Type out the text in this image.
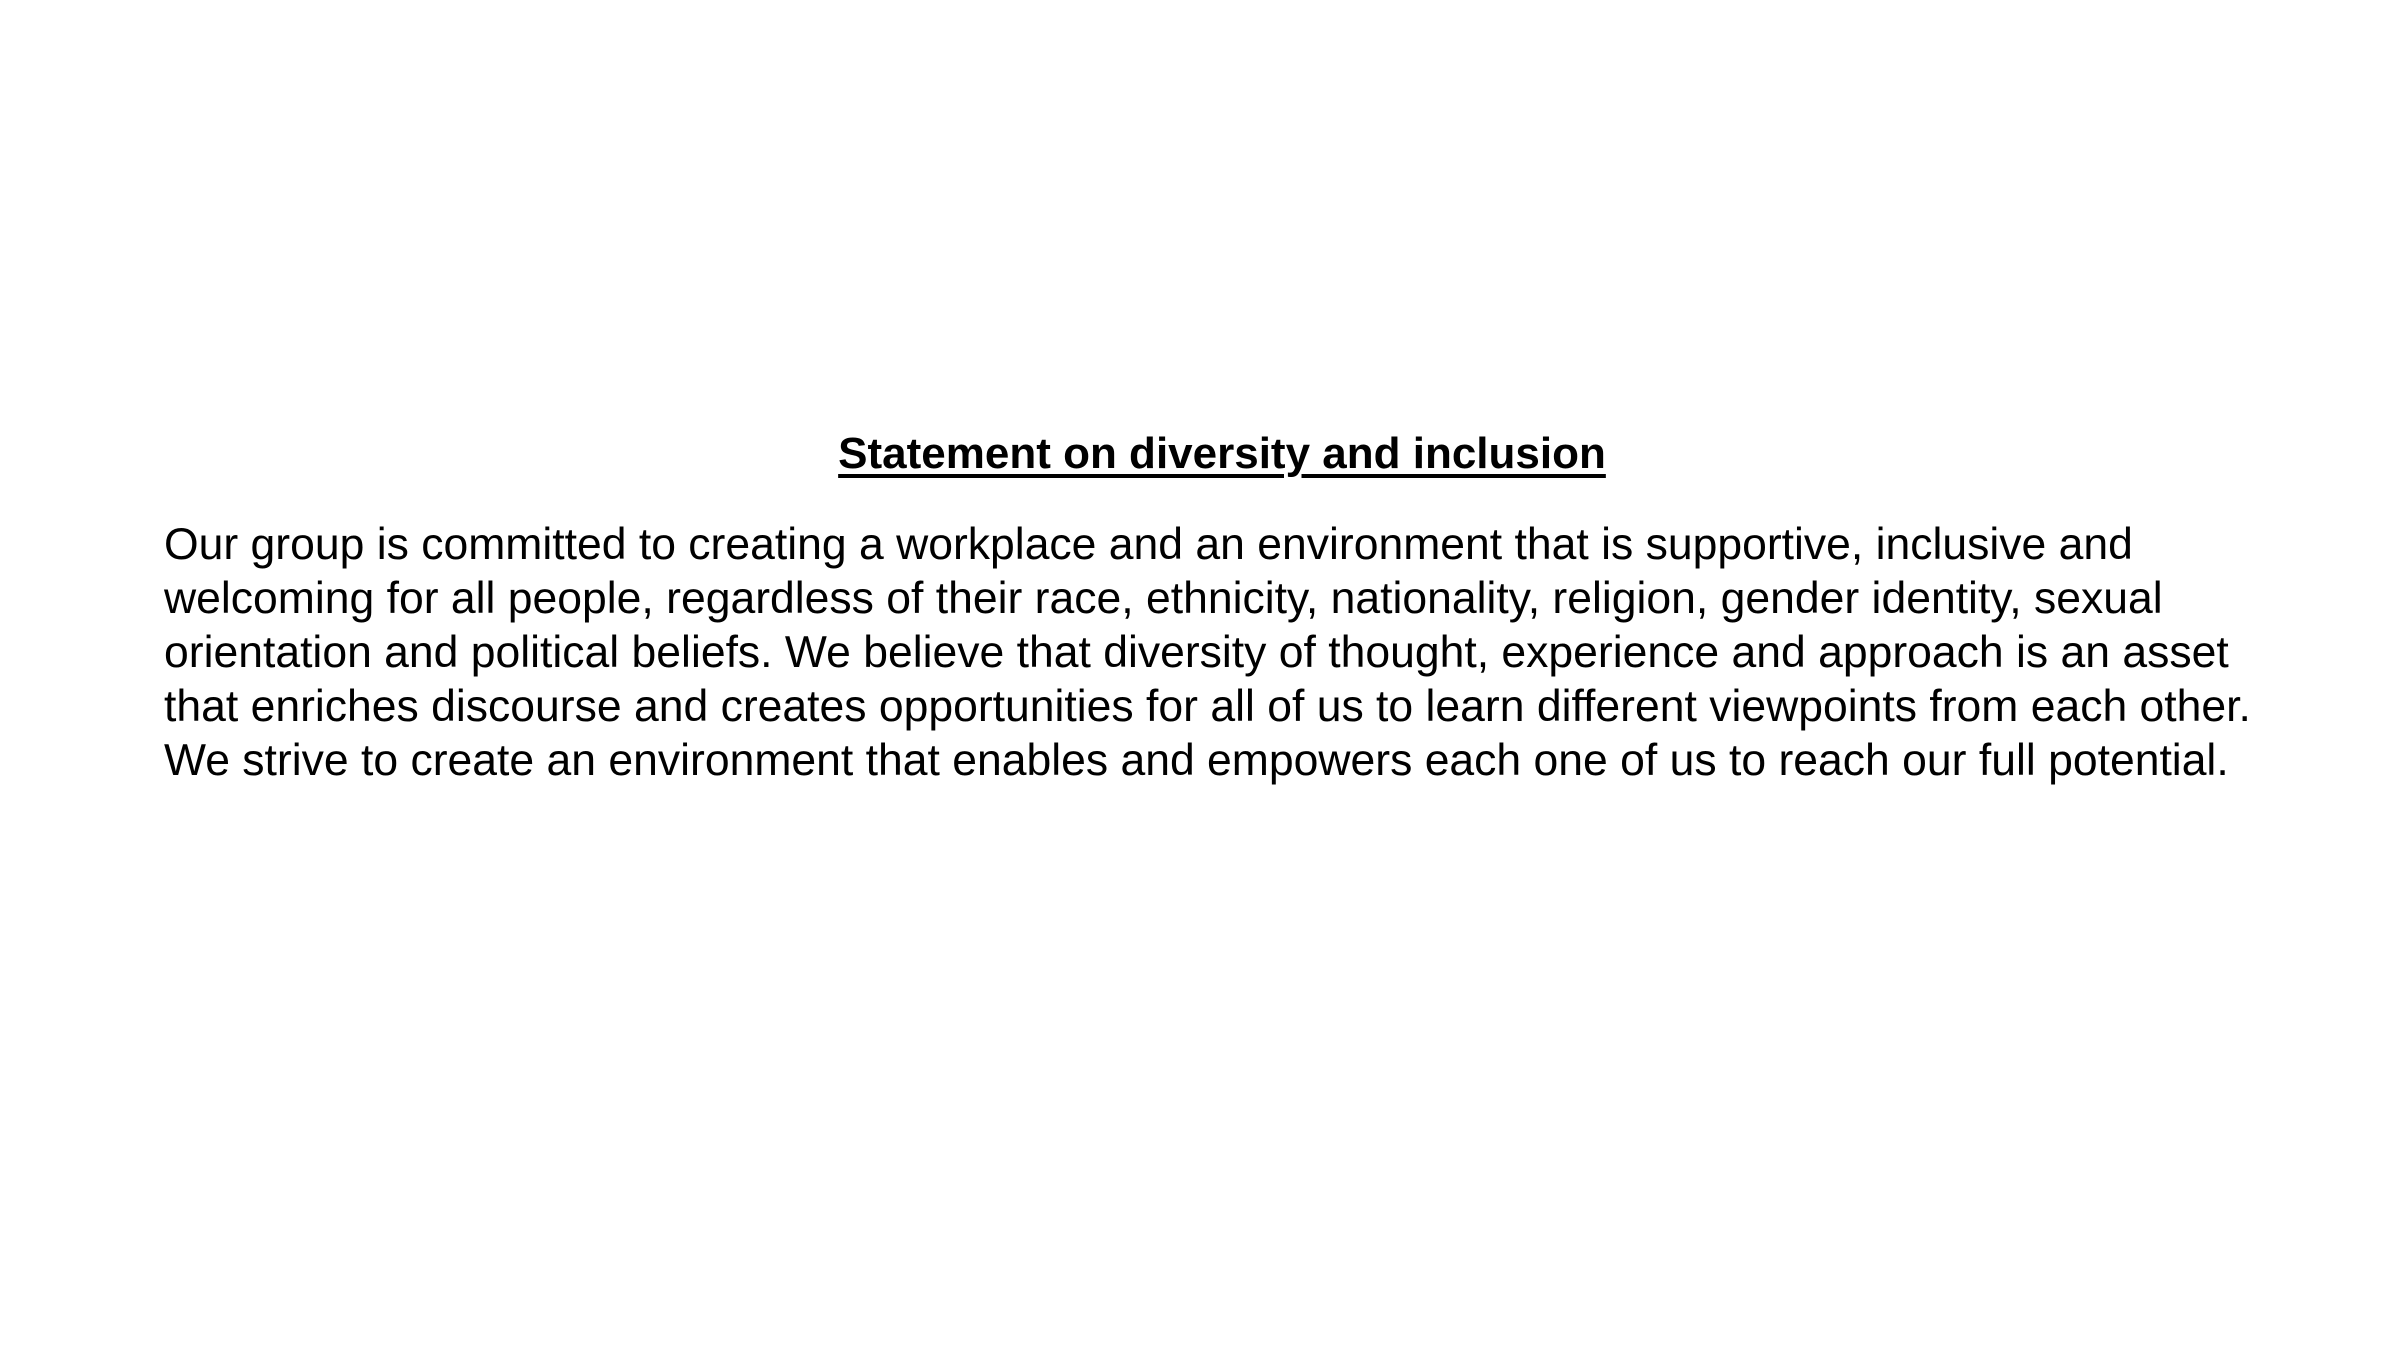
Statement on diversity and inclusion

Our group is committed to creating a workplace and an environment that is supportive, inclusive and welcoming for all people, regardless of their race, ethnicity, nationality, religion, gender identity, sexual orientation and political beliefs. We believe that diversity of thought, experience and approach is an asset that enriches discourse and creates opportunities for all of us to learn different viewpoints from each other. We strive to create an environment that enables and empowers each one of us to reach our full potential.
